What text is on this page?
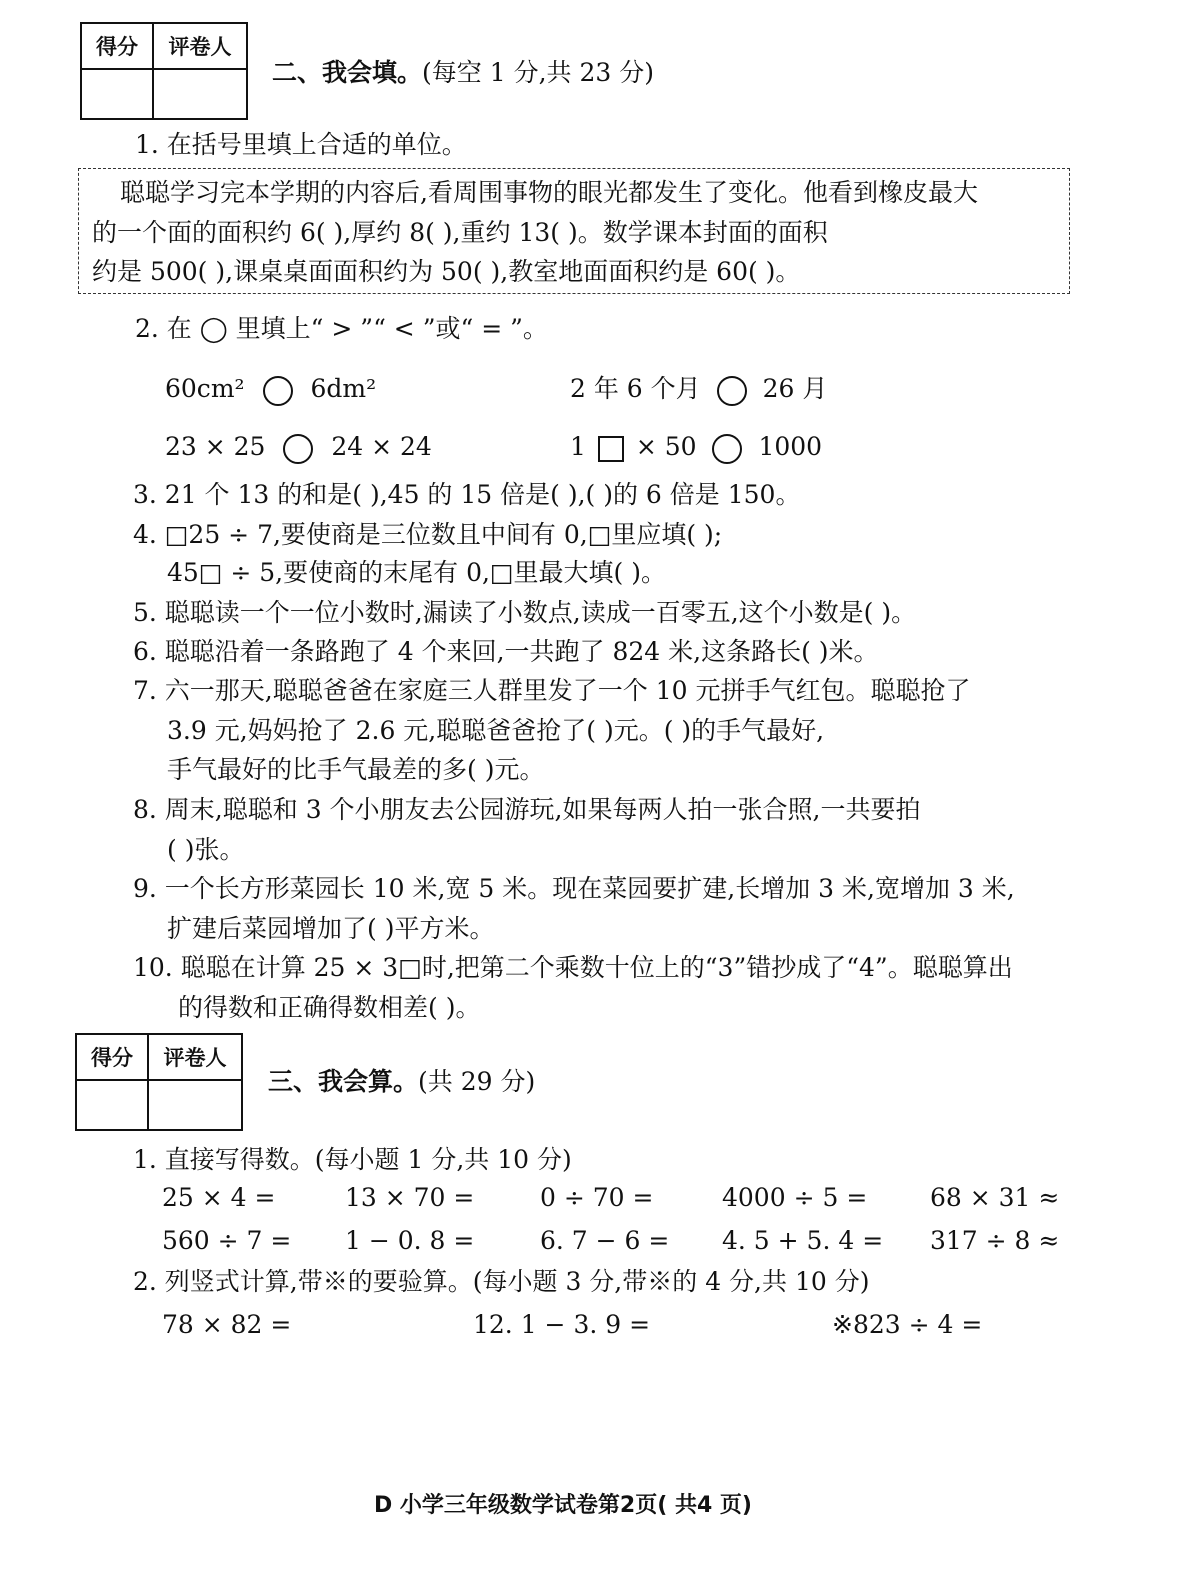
得分	评卷人

二、我会填。(每空 1 分,共 23 分)
1. 在括号里填上合适的单位。
聪聪学习完本学期的内容后,看周围事物的眼光都发生了变化。他看到橡皮最大
的一个面的面积约 6( ),厚约 8( ),重约 13( )。数学课本封面的面积
约是 500( ),课桌桌面面积约为 50( ),教室地面面积约是 60( )。
2. 在 ◯ 里填上“ > ”“ < ”或“ = ”。
60cm²	6dm²	2 年 6 个月 26 月
23 × 25	24 × 24	1 × 50 1000
3. 21 个 13 的和是( ),45 的 15 倍是( ),( )的 6 倍是 150。
4. □25 ÷ 7,要使商是三位数且中间有 0,□里应填( );
45□ ÷ 5,要使商的末尾有 0,□里最大填( )。
5. 聪聪读一个一位小数时,漏读了小数点,读成一百零五,这个小数是( )。
6. 聪聪沿着一条路跑了 4 个来回,一共跑了 824 米,这条路长( )米。
7. 六一那天,聪聪爸爸在家庭三人群里发了一个 10 元拼手气红包。聪聪抢了
3.9 元,妈妈抢了 2.6 元,聪聪爸爸抢了( )元。( )的手气最好,
手气最好的比手气最差的多( )元。
8. 周末,聪聪和 3 个小朋友去公园游玩,如果每两人拍一张合照,一共要拍
( )张。
9. 一个长方形菜园长 10 米,宽 5 米。现在菜园要扩建,长增加 3 米,宽增加 3 米,
扩建后菜园增加了( )平方米。
10. 聪聪在计算 25 × 3□时,把第二个乘数十位上的“3”错抄成了“4”。聪聪算出
的得数和正确得数相差( )。
得分	评卷人

三、我会算。(共 29 分)
1. 直接写得数。(每小题 1 分,共 10 分)
25 × 4 =	13 × 70 =	0 ÷ 70 =	4000 ÷ 5 =	68 × 31 ≈
560 ÷ 7 = 1 − 0. 8 =	6. 7 − 6 = 4. 5 + 5. 4 = 317 ÷ 8 ≈
2. 列竖式计算,带※的要验算。(每小题 3 分,带※的 4 分,共 10 分)
78 × 82 =	12. 1 − 3. 9 =	※823 ÷ 4 =
D 小学三年级数学试卷第2页( 共4 页)
